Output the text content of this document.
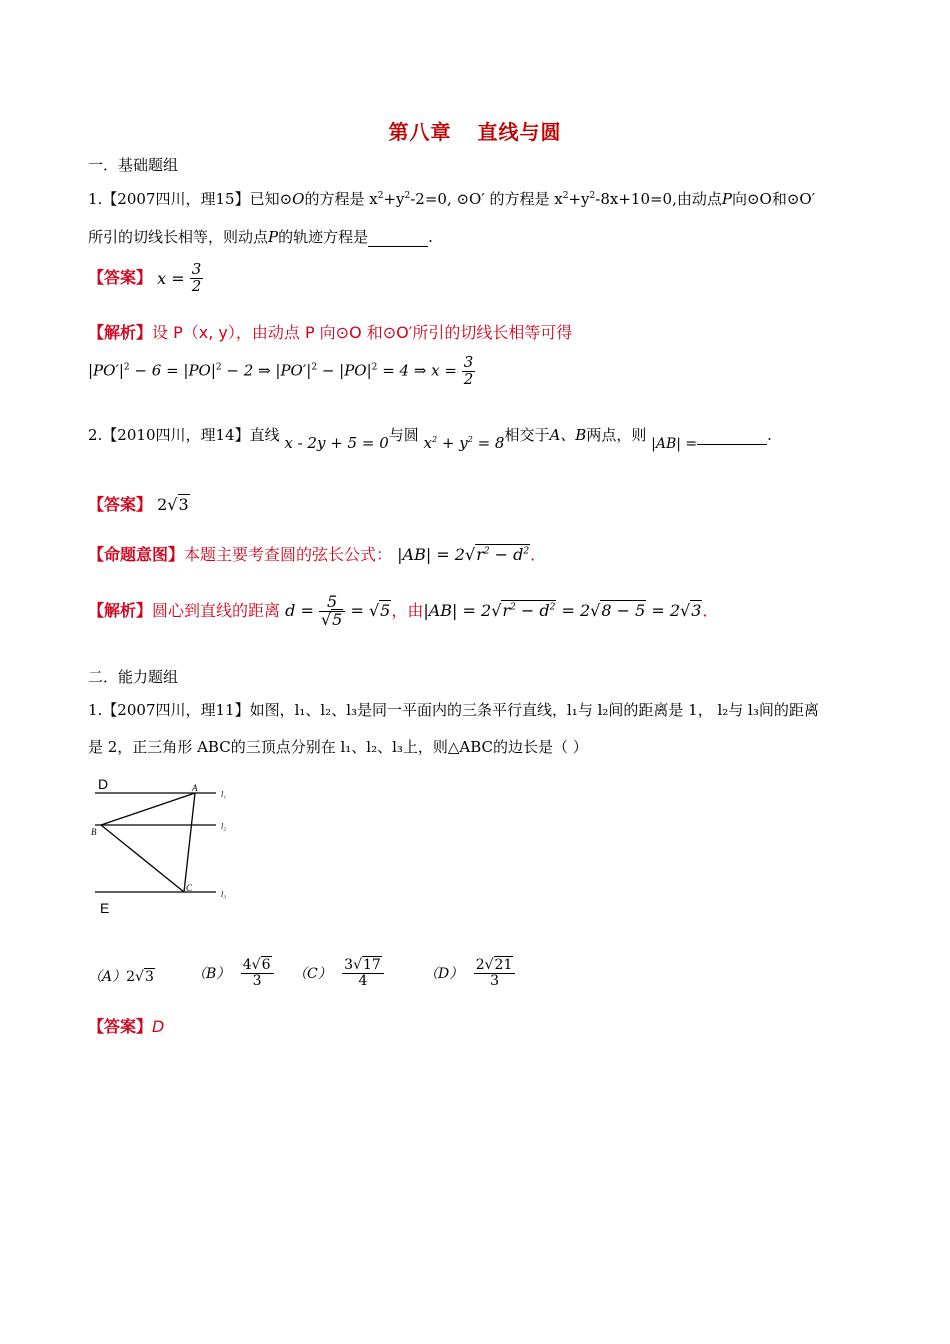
第八章 直线与圆
一．基础题组
1.【2007四川，理15】已知⊙O的方程是 $x^2+y^2-2=0$, ⊙O′ 的方程是 $x^2+y^2-8x+10=0$,由动点P向⊙O和⊙O′
所引的切线长相等，则动点P的轨迹方程是	.
【答案】 $x = \frac{3}{2}$
【解析】设 P（x, y），由动点 P 向⊙O 和⊙O′所引的切线长相等可得
$|PO'|^2 - 6 = |PO|^2 - 2$ ⇒ $|PO'|^2 - |PO|^2 = 4$ ⇒ $x = \frac{3}{2}$
2.【2010四川，理14】直线 x - 2y + 5 = 0与圆 $x^2 + y^2 = 8$相交于A、B两点，则 |AB| =	.
【答案】 2√3
【命题意图】本题主要考查圆的弦长公式： $|AB| = 2√r^2 - d^2$．
【解析】圆心到直线的距离 $d = \frac{5}{√5} = √5$，由$|AB| = 2√r^2 - d^2 = 2√8 - 5 = 2√3$．
二．能力题组
1.【2007四川，理11】如图，l₁、l₂、l₃是同一平面内的三条平行直线，l₁与 l₂间的距离是 1， l₂与 l₃间的距离
是 2，正三角形 ABC的三顶点分别在 l₁、l₂、l₃上，则△ABC的边长是（ ）
D
E
A
B
C
l₁
l₂
l₃
（A）2√3	$(B) \frac{4√6}{3} (C) \frac{3√17}{4}$	$(D) \frac{2√21}{3}$
【答案】D
